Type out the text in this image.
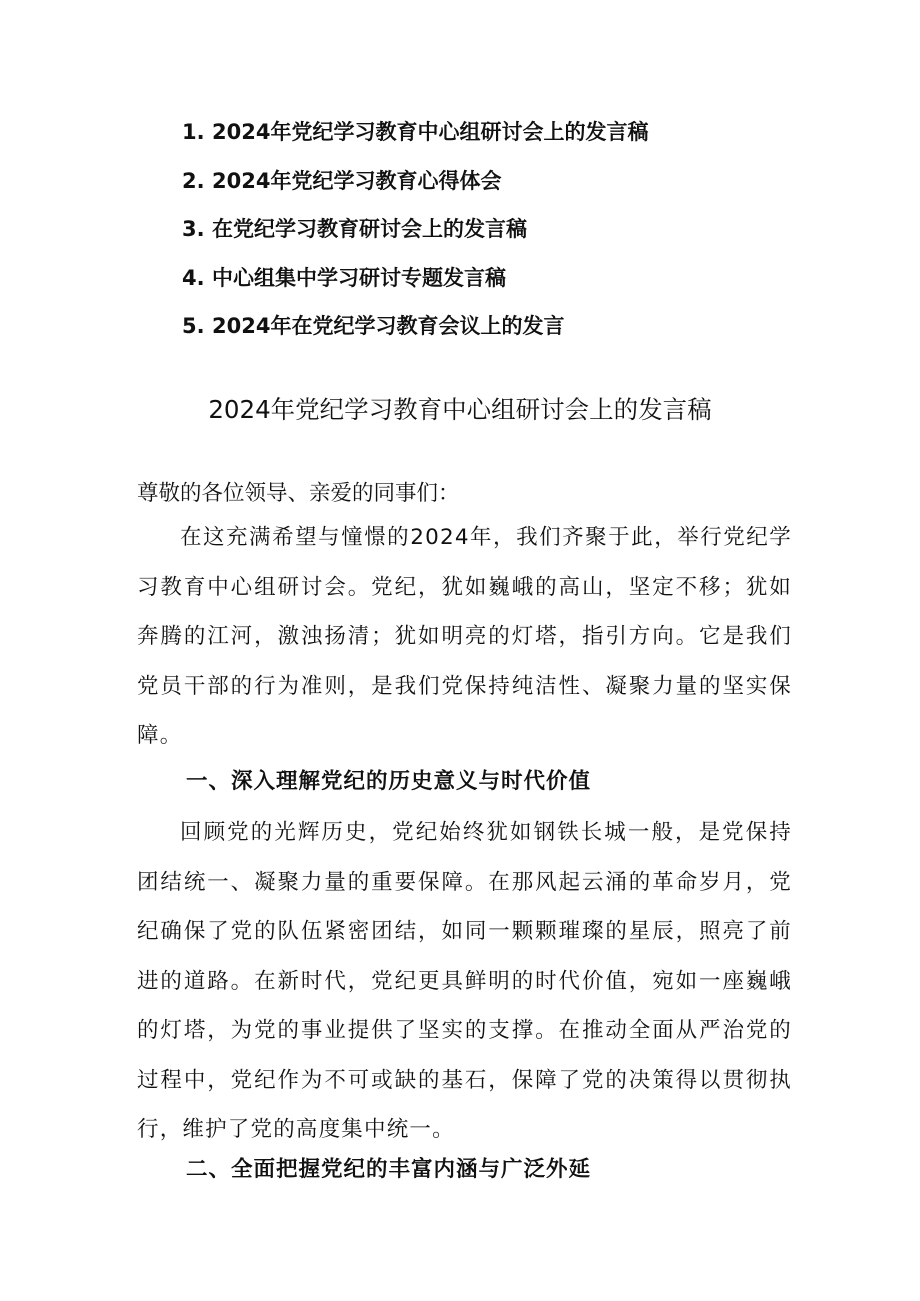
1. 2024年党纪学习教育中心组研讨会上的发言稿
2. 2024年党纪学习教育心得体会
3. 在党纪学习教育研讨会上的发言稿
4. 中心组集中学习研讨专题发言稿
5. 2024年在党纪学习教育会议上的发言
2024年党纪学习教育中心组研讨会上的发言稿
尊敬的各位领导、亲爱的同事们：

在这充满希望与憧憬的2024年，我们齐聚于此，举行党纪学习教育中心组研讨会。党纪，犹如巍峨的高山，坚定不移；犹如奔腾的江河，激浊扬清；犹如明亮的灯塔，指引方向。它是我们党员干部的行为准则，是我们党保持纯洁性、凝聚力量的坚实保障。

一、深入理解党纪的历史意义与时代价值

回顾党的光辉历史，党纪始终犹如钢铁长城一般，是党保持团结统一、凝聚力量的重要保障。在那风起云涌的革命岁月，党纪确保了党的队伍紧密团结，如同一颗颗璀璨的星辰，照亮了前进的道路。在新时代，党纪更具鲜明的时代价值，宛如一座巍峨的灯塔，为党的事业提供了坚实的支撑。在推动全面从严治党的过程中，党纪作为不可或缺的基石，保障了党的决策得以贯彻执行，维护了党的高度集中统一。

二、全面把握党纪的丰富内涵与广泛外延
